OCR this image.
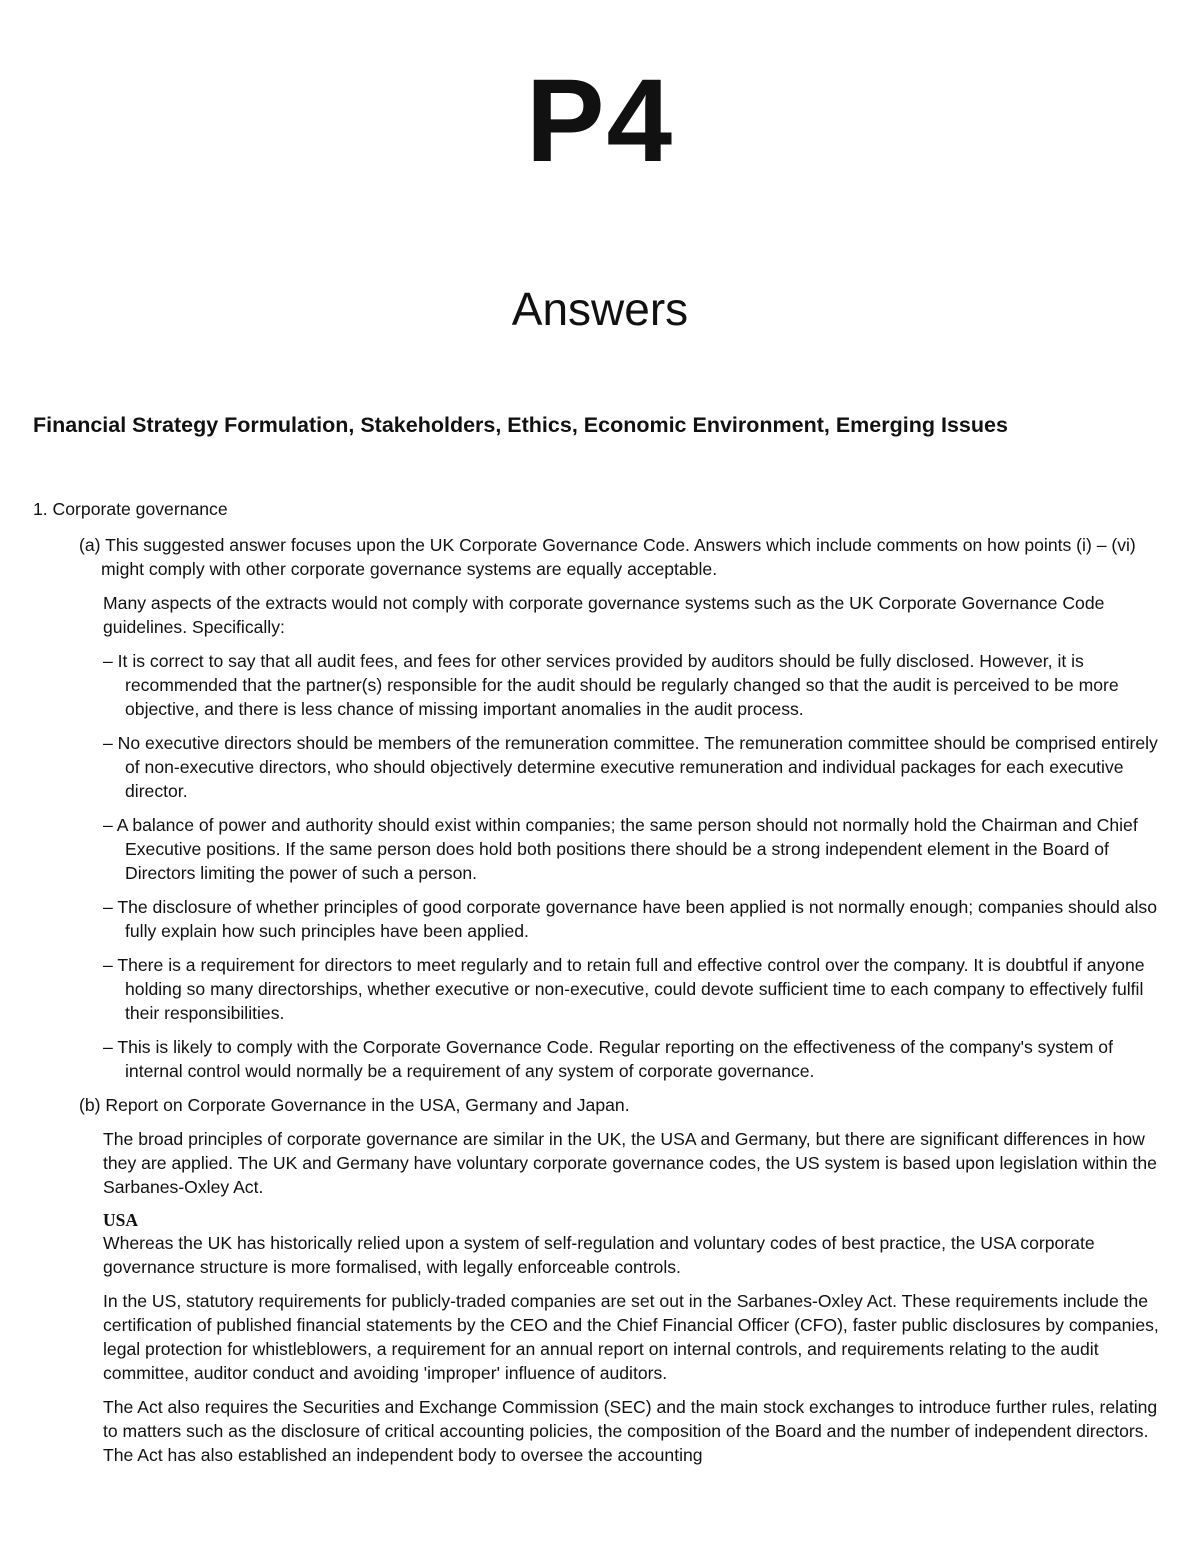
P4
Answers
Financial Strategy Formulation, Stakeholders, Ethics, Economic Environment, Emerging Issues

1. Corporate governance

(a) This suggested answer focuses upon the UK Corporate Governance Code. Answers which include comments on how points (i) – (vi) might comply with other corporate governance systems are equally acceptable.

Many aspects of the extracts would not comply with corporate governance systems such as the UK Corporate Governance Code guidelines. Specifically:

– It is correct to say that all audit fees, and fees for other services provided by auditors should be fully disclosed. However, it is recommended that the partner(s) responsible for the audit should be regularly changed so that the audit is perceived to be more objective, and there is less chance of missing important anomalies in the audit process.

– No executive directors should be members of the remuneration committee. The remuneration committee should be comprised entirely of non-executive directors, who should objectively determine executive remuneration and individual packages for each executive director.

– A balance of power and authority should exist within companies; the same person should not normally hold the Chairman and Chief Executive positions. If the same person does hold both positions there should be a strong independent element in the Board of Directors limiting the power of such a person.

– The disclosure of whether principles of good corporate governance have been applied is not normally enough; companies should also fully explain how such principles have been applied.

– There is a requirement for directors to meet regularly and to retain full and effective control over the company. It is doubtful if anyone holding so many directorships, whether executive or non-executive, could devote sufficient time to each company to effectively fulfil their responsibilities.

– This is likely to comply with the Corporate Governance Code. Regular reporting on the effectiveness of the company's system of internal control would normally be a requirement of any system of corporate governance.

(b) Report on Corporate Governance in the USA, Germany and Japan.

The broad principles of corporate governance are similar in the UK, the USA and Germany, but there are significant differences in how they are applied. The UK and Germany have voluntary corporate governance codes, the US system is based upon legislation within the Sarbanes-Oxley Act.

USA

Whereas the UK has historically relied upon a system of self-regulation and voluntary codes of best practice, the USA corporate governance structure is more formalised, with legally enforceable controls.

In the US, statutory requirements for publicly-traded companies are set out in the Sarbanes-Oxley Act. These requirements include the certification of published financial statements by the CEO and the Chief Financial Officer (CFO), faster public disclosures by companies, legal protection for whistleblowers, a requirement for an annual report on internal controls, and requirements relating to the audit committee, auditor conduct and avoiding 'improper' influence of auditors.

The Act also requires the Securities and Exchange Commission (SEC) and the main stock exchanges to introduce further rules, relating to matters such as the disclosure of critical accounting policies, the composition of the Board and the number of independent directors. The Act has also established an independent body to oversee the accounting
